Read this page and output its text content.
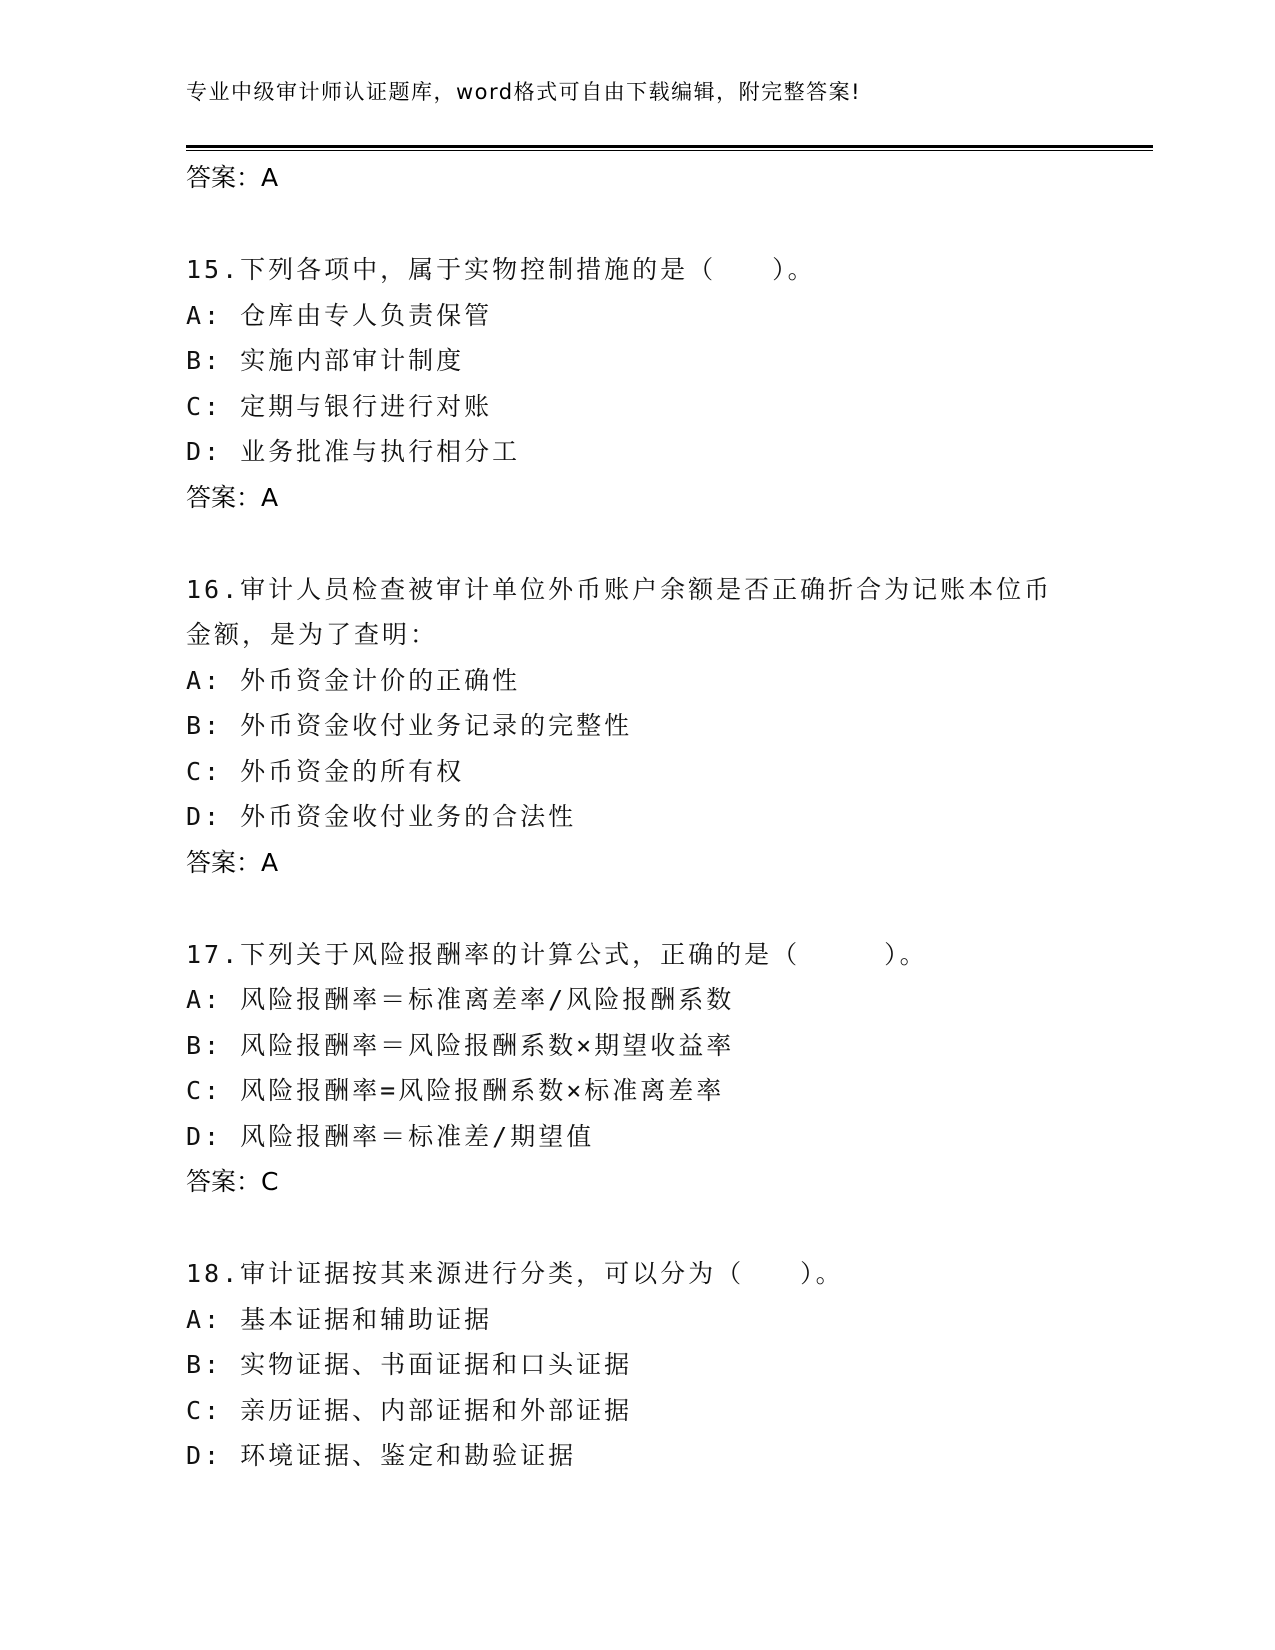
专业中级审计师认证题库，word格式可自由下载编辑，附完整答案!
答案：A
15.下列各项中，属于实物控制措施的是（　　）。
A: 仓库由专人负责保管
B: 实施内部审计制度
C: 定期与银行进行对账
D: 业务批准与执行相分工
答案：A
16.审计人员检查被审计单位外币账户余额是否正确折合为记账本位币金额，是为了查明：
A: 外币资金计价的正确性
B: 外币资金收付业务记录的完整性
C: 外币资金的所有权
D: 外币资金收付业务的合法性
答案：A
17.下列关于风险报酬率的计算公式，正确的是（　　　）。
A: 风险报酬率＝标准离差率/风险报酬系数
B: 风险报酬率＝风险报酬系数×期望收益率
C: 风险报酬率=风险报酬系数×标准离差率
D: 风险报酬率＝标准差/期望值
答案：C
18.审计证据按其来源进行分类，可以分为（　　）。
A: 基本证据和辅助证据
B: 实物证据、书面证据和口头证据
C: 亲历证据、内部证据和外部证据
D: 环境证据、鉴定和勘验证据
